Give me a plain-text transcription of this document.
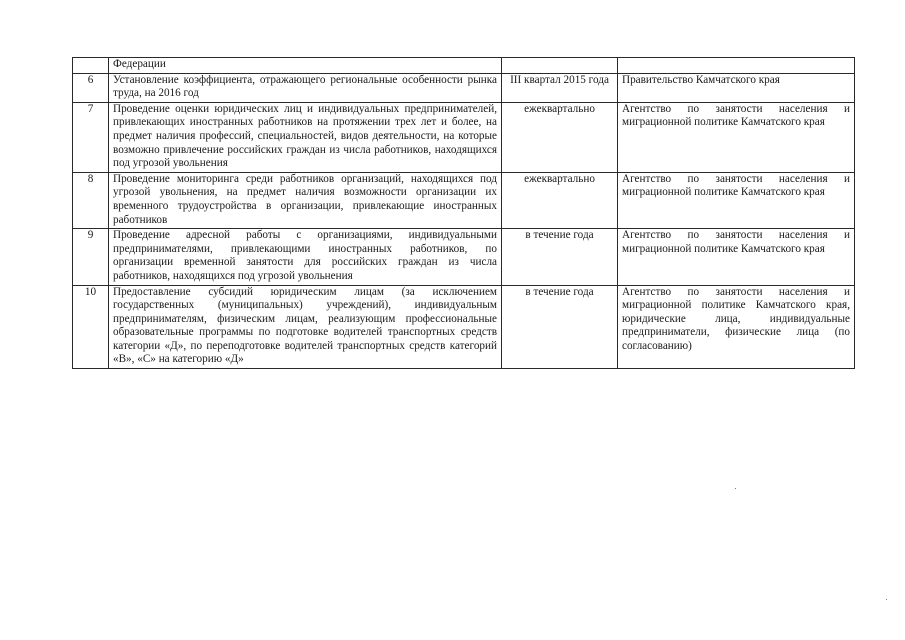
	Федерации		
6	Установление коэффициента, отражающего региональные особенности рынка труда, на 2016 год	III квартал 2015 года	Правительство Камчатского края
7	Проведение оценки юридических лиц и индивидуальных предпринимателей, привлекающих иностранных работников на протяжении трех лет и более, на предмет наличия профессий, специальностей, видов деятельности, на которые возможно привлечение российских граждан из числа работников, находящихся под угрозой увольнения	ежеквартально	Агентство по занятости населения и миграционной политике Камчатского края
8	Проведение мониторинга среди работников организаций, находящихся под угрозой увольнения, на предмет наличия возможности организации их временного трудоустройства в организации, привлекающие иностранных работников	ежеквартально	Агентство по занятости населения и миграционной политике Камчатского края
9	Проведение адресной работы с организациями, индивидуальными предпринимателями, привлекающими иностранных работников, по организации временной занятости для российских граждан из числа работников, находящихся под угрозой увольнения	в течение года	Агентство по занятости населения и миграционной политике Камчатского края
10	Предоставление субсидий юридическим лицам (за исключением государственных (муниципальных) учреждений), индивидуальным предпринимателям, физическим лицам, реализующим профессиональные образовательные программы по подготовке водителей транспортных средств категории «Д», по переподготовке водителей транспортных средств категорий «В», «С» на категорию «Д»	в течение года	Агентство по занятости населения и миграционной политике Камчатского края, юридические лица, индивидуальные предприниматели, физические лица (по согласованию)
